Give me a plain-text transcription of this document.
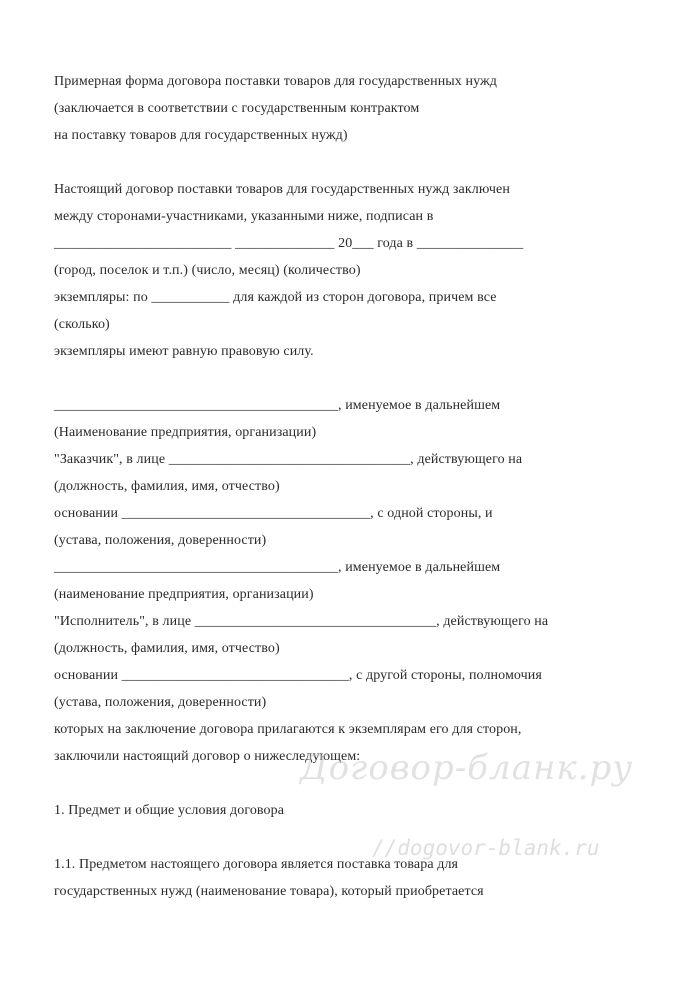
Примерная форма договора поставки товаров для государственных нужд
(заключается в соответствии с государственным контрактом
на поставку товаров для государственных нужд)
Настоящий договор поставки товаров для государственных нужд заключен
между сторонами-участниками, указанными ниже, подписан в
_________________________ ______________ 20___ года в _______________
(город, поселок и т.п.) (число, месяц) (количество)
экземпляры: по ___________ для каждой из сторон договора, причем все
(сколько)
экземпляры имеют равную правовую силу.
________________________________________, именуемое в дальнейшем
(Наименование предприятия, организации)
"Заказчик", в лице __________________________________, действующего на
(должность, фамилия, имя, отчество)
основании ___________________________________, с одной стороны, и
(устава, положения, доверенности)
________________________________________, именуемое в дальнейшем
(наименование предприятия, организации)
"Исполнитель", в лице __________________________________, действующего на
(должность, фамилия, имя, отчество)
основании ________________________________, с другой стороны, полномочия
(устава, положения, доверенности)
которых на заключение договора прилагаются к экземплярам его для сторон,
заключили настоящий договор о нижеследующем:
1. Предмет и общие условия договора
1.1. Предметом настоящего договора является поставка товара для
государственных нужд (наименование товара), который приобретается
Договор-бланк.ру
//dogovor-blank.ru
